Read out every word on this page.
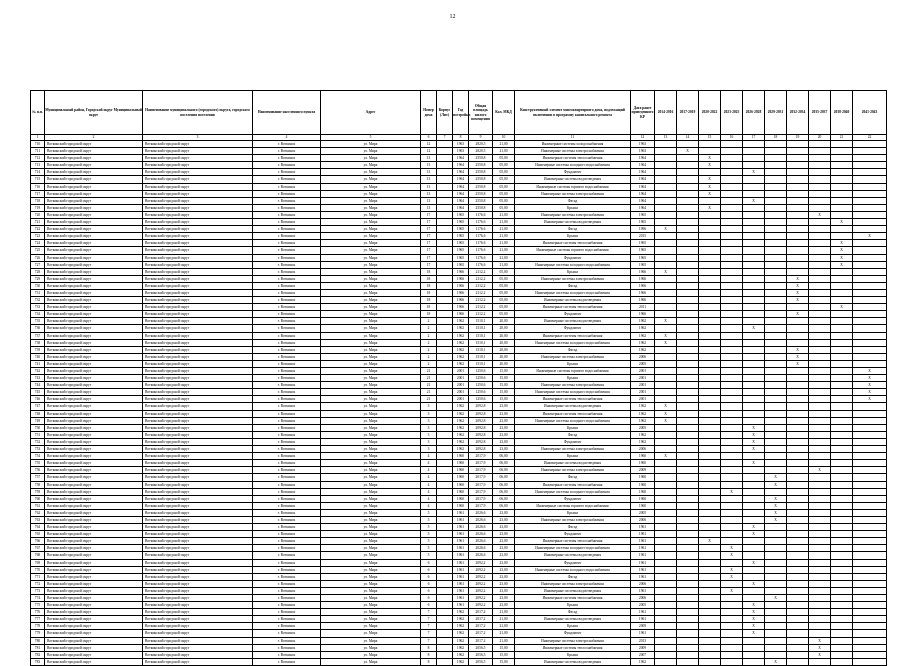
12
№ п.п.	Муниципальный район, Городской округ Муниципальный округ	Наименование муниципального (городского) округа, городского поселения поселения	Наименование населенного пункта	Адрес	Номер дома	Корпус (Лит)	Год постройки	Общая площадь жилого помещения	Кол. МКД	Конструктивный элемент многоквартирного дома, подлежащий включению в программу капитального ремонта	Дата ранее проведенного КР	2014-2016	2017-2019	2020-2022	2023-2025	2026-2028	2029-2031	2032-2034	2035-2037	2038-2040	2041-2043
1	2	3	4	5	6	7	8	9	10	11	12	13	14	15	16	17	18	19	20	21	22
710	Воткинский городской округ	Воткинский городской округ	г. Воткинск	ул. Мира	12		1963	2820,5	21,00	Инженерные системы холодоснабжения	1963										
711	Воткинский городской округ	Воткинский городской округ	г. Воткинск	ул. Мира	12		1963	2820,5	21,00	Инженерные системы электроснабжения	1963		X								
712	Воткинский городской округ	Воткинский городской округ	г. Воткинск	ул. Мира	13		1964	2550,8	05,00	Инженерные системы теплоснабжения	1964			X							
713	Воткинский городской округ	Воткинский городской округ	г. Воткинск	ул. Мира	13		1964	2550,8	05,00	Инженерные системы холодного водоснабжения	1964			X							
714	Воткинский городской округ	Воткинский городской округ	г. Воткинск	ул. Мира	13		1964	2550,8	05,00	Фундамент	1964					X					
715	Воткинский городской округ	Воткинский городской округ	г. Воткинск	ул. Мира	13		1964	2550,8	05,00	Инженерные системы водоотведения	1964			X							
716	Воткинский городской округ	Воткинский городской округ	г. Воткинск	ул. Мира	13		1964	2550,8	05,00	Инженерные системы горячего водоснабжения	1964			X							
717	Воткинский городской округ	Воткинский городской округ	г. Воткинск	ул. Мира	13		1964	2550,8	05,00	Инженерные системы электроснабжения	1964			X							
718	Воткинский городской округ	Воткинский городской округ	г. Воткинск	ул. Мира	13		1964	2550,8	05,00	Фасад	1964					X					
719	Воткинский городской округ	Воткинский городской округ	г. Воткинск	ул. Мира	13		1964	2550,8	05,00	Крыша	1964			X							
720	Воткинский городской округ	Воткинский городской округ	г. Воткинск	ул. Мира	17		1965	1176,6	21,00	Инженерные системы электроснабжения	1965								X		
721	Воткинский городской округ	Воткинский городской округ	г. Воткинск	ул. Мира	17		1965	1176,6	21,00	Инженерные системы водоотведения	1965									X	
722	Воткинский городской округ	Воткинский городской округ	г. Воткинск	ул. Мира	17		1965	1176,6	21,00	Фасад	1996	X									
723	Воткинский городской округ	Воткинский городской округ	г. Воткинск	ул. Мира	17		1965	1176,6	21,00	Крыша	2015										X
724	Воткинский городской округ	Воткинский городской округ	г. Воткинск	ул. Мира	17		1965	1176,6	21,00	Инженерные системы теплоснабжения	1965									X	
725	Воткинский городской округ	Воткинский городской округ	г. Воткинск	ул. Мира	17		1965	1176,6	21,00	Инженерные системы горячего водоснабжения	1965									X	
726	Воткинский городской округ	Воткинский городской округ	г. Воткинск	ул. Мира	17		1965	1176,6	21,00	Фундамент	1965									X	
727	Воткинский городской округ	Воткинский городской округ	г. Воткинск	ул. Мира	17		1965	1176,6	21,00	Инженерные системы холодного водоснабжения	1965									X	
728	Воткинский городской округ	Воткинский городской округ	г. Воткинск	ул. Мира	18		1966	2112,2	05,00	Крыша	1966	X									
729	Воткинский городской округ	Воткинский городской округ	г. Воткинск	ул. Мира	18		1966	2112,2	05,00	Инженерные системы электроснабжения	1966							X			
730	Воткинский городской округ	Воткинский городской округ	г. Воткинск	ул. Мира	18		1966	2112,2	05,00	Фасад	1966							X			
731	Воткинский городской округ	Воткинский городской округ	г. Воткинск	ул. Мира	18		1966	2112,2	05,00	Инженерные системы холодного водоснабжения	1966							X			
732	Воткинский городской округ	Воткинский городской округ	г. Воткинск	ул. Мира	18		1966	2112,2	05,00	Инженерные системы водоотведения	1966							X			
733	Воткинский городской округ	Воткинский городской округ	г. Воткинск	ул. Мира	18		1966	2112,2	05,00	Инженерные системы теплоснабжения	2011									X	
734	Воткинский городской округ	Воткинский городской округ	г. Воткинск	ул. Мира	18		1966	2112,2	05,00	Фундамент	1966							X			
735	Воткинский городской округ	Воткинский городской округ	г. Воткинск	ул. Мира	2		1962	1510,1	20,00	Инженерные системы водоотведения	1962	X									
736	Воткинский городской округ	Воткинский городской округ	г. Воткинск	ул. Мира	2		1962	1510,1	20,00	Фундамент	1962					X					
737	Воткинский городской округ	Воткинский городской округ	г. Воткинск	ул. Мира	2		1962	1510,1	20,00	Инженерные системы теплоснабжения	1962	X									
738	Воткинский городской округ	Воткинский городской округ	г. Воткинск	ул. Мира	2		1962	1510,1	20,00	Инженерные системы холодного водоснабжения	1962	X									
739	Воткинский городской округ	Воткинский городской округ	г. Воткинск	ул. Мира	2		1962	1510,1	20,00	Фасад	1962							X			
740	Воткинский городской округ	Воткинский городской округ	г. Воткинск	ул. Мира	2		1962	1510,1	20,00	Инженерные системы электроснабжения	2006							X			
741	Воткинский городской округ	Воткинский городской округ	г. Воткинск	ул. Мира	2		1962	1510,1	20,00	Крыша	2005							X			
742	Воткинский городской округ	Воткинский городской округ	г. Воткинск	ул. Мира	21		2001	1250,6	15,00	Инженерные системы горячего водоснабжения	2001										X
743	Воткинский городской округ	Воткинский городской округ	г. Воткинск	ул. Мира	21		2001	1250,6	15,00	Крыша	2001										X
744	Воткинский городской округ	Воткинский городской округ	г. Воткинск	ул. Мира	21		2001	1250,6	15,00	Инженерные системы электроснабжения	2001										X
745	Воткинский городской округ	Воткинский городской округ	г. Воткинск	ул. Мира	21		2001	1250,6	15,00	Инженерные системы холодного водоснабжения	2001										X
746	Воткинский городской округ	Воткинский городской округ	г. Воткинск	ул. Мира	21		2001	1250,6	15,00	Инженерные системы теплоснабжения	2001										X
747	Воткинский городской округ	Воткинский городской округ	г. Воткинск	ул. Мира	3		1962	2092,8	23,00	Инженерные системы водоотведения	1962	X									
748	Воткинский городской округ	Воткинский городской округ	г. Воткинск	ул. Мира	3		1962	2092,8	23,00	Инженерные системы теплоснабжения	1962	X									
749	Воткинский городской округ	Воткинский городской округ	г. Воткинск	ул. Мира	3		1962	2092,8	23,00	Инженерные системы холодного водоснабжения	1962	X									
750	Воткинский городской округ	Воткинский городской округ	г. Воткинск	ул. Мира	3		1962	2092,8	23,00	Крыша	2005					X					
751	Воткинский городской округ	Воткинский городской округ	г. Воткинск	ул. Мира	3		1962	2092,8	23,00	Фасад	1962					X					
752	Воткинский городской округ	Воткинский городской округ	г. Воткинск	ул. Мира	3		1962	2092,8	23,00	Фундамент	1962					X					
753	Воткинский городской округ	Воткинский городской округ	г. Воткинск	ул. Мира	3		1962	2092,8	23,00	Инженерные системы электроснабжения	2006					X					
754	Воткинский городской округ	Воткинский городской округ	г. Воткинск	ул. Мира	4		1960	2017,9	06,00	Крыша	1960	X									
755	Воткинский городской округ	Воткинский городской округ	г. Воткинск	ул. Мира	4		1960	2017,9	06,00	Инженерные системы водоотведения	1960					X					
756	Воткинский городской округ	Воткинский городской округ	г. Воткинск	ул. Мира	4		1960	2017,9	06,00	Инженерные системы электроснабжения	2009								X		
757	Воткинский городской округ	Воткинский городской округ	г. Воткинск	ул. Мира	4		1960	2017,9	06,00	Фасад	1960						X				
758	Воткинский городской округ	Воткинский городской округ	г. Воткинск	ул. Мира	4		1960	2017,9	06,00	Инженерные системы теплоснабжения	1960						X				
759	Воткинский городской округ	Воткинский городской округ	г. Воткинск	ул. Мира	4		1960	2017,9	06,00	Инженерные системы холодного водоснабжения	1960				X						
760	Воткинский городской округ	Воткинский городской округ	г. Воткинск	ул. Мира	4		1960	2017,9	06,00	Фундамент	1960						X				
761	Воткинский городской округ	Воткинский городской округ	г. Воткинск	ул. Мира	4		1960	2017,9	06,00	Инженерные системы горячего водоснабжения	1960						X				
762	Воткинский городской округ	Воткинский городской округ	г. Воткинск	ул. Мира	5		1961	2026,6	23,00	Крыша	2005						X				
763	Воткинский городской округ	Воткинский городской округ	г. Воткинск	ул. Мира	5		1961	2026,6	23,00	Инженерные системы электроснабжения	2006						X				
764	Воткинский городской округ	Воткинский городской округ	г. Воткинск	ул. Мира	5		1961	2026,6	23,00	Фасад	1961					X					
765	Воткинский городской округ	Воткинский городской округ	г. Воткинск	ул. Мира	5		1961	2026,6	23,00	Фундамент	1961					X					
766	Воткинский городской округ	Воткинский городской округ	г. Воткинск	ул. Мира	5		1961	2026,6	23,00	Инженерные системы теплоснабжения	1961			X							
767	Воткинский городской округ	Воткинский городской округ	г. Воткинск	ул. Мира	5		1961	2026,6	23,00	Инженерные системы холодного водоснабжения	1961				X						
768	Воткинский городской округ	Воткинский городской округ	г. Воткинск	ул. Мира	5		1961	2026,6	23,00	Инженерные системы водоотведения	1961				X						
769	Воткинский городской округ	Воткинский городской округ	г. Воткинск	ул. Мира	6		1961	2092,2	23,00	Фундамент	1961					X					
770	Воткинский городской округ	Воткинский городской округ	г. Воткинск	ул. Мира	6		1961	2092,2	23,00	Инженерные системы холодного водоснабжения	1961				X						
771	Воткинский городской округ	Воткинский городской округ	г. Воткинск	ул. Мира	6		1961	2092,2	23,00	Фасад	1961				X						
772	Воткинский городской округ	Воткинский городской округ	г. Воткинск	ул. Мира	6		1961	2092,2	23,00	Инженерные системы электроснабжения	2006					X					
773	Воткинский городской округ	Воткинский городской округ	г. Воткинск	ул. Мира	6		1961	2092,2	23,00	Инженерные системы водоотведения	1961				X						
774	Воткинский городской округ	Воткинский городской округ	г. Воткинск	ул. Мира	6		1961	2092,2	23,00	Инженерные системы теплоснабжения	2006						X				
775	Воткинский городской округ	Воткинский городской округ	г. Воткинск	ул. Мира	6		1961	2092,2	23,00	Крыша	2005					X					
776	Воткинский городской округ	Воткинский городской округ	г. Воткинск	ул. Мира	7		1962	2017,2	21,00	Фасад	1961					X					
777	Воткинский городской округ	Воткинский городской округ	г. Воткинск	ул. Мира	7		1962	2017,2	21,00	Инженерные системы водоотведения	1961					X					
778	Воткинский городской округ	Воткинский городской округ	г. Воткинск	ул. Мира	7		1962	2017,2	21,00	Крыша	2009					X					
779	Воткинский городской округ	Воткинский городской округ	г. Воткинск	ул. Мира	7		1962	2017,2	21,00	Фундамент	1961					X					
780	Воткинский городской округ	Воткинский городской округ	г. Воткинск	ул. Мира	7		1962	2017,2	21,00	Инженерные системы электроснабжения	2013								X		
781	Воткинский городской округ	Воткинский городской округ	г. Воткинск	ул. Мира	8		1962	2056,5	15,00	Инженерные системы теплоснабжения	2009								X		
782	Воткинский городской округ	Воткинский городской округ	г. Воткинск	ул. Мира	8		1962	2056,5	15,00	Крыша	2007								X		
783	Воткинский городской округ	Воткинский городской округ	г. Воткинск	ул. Мира	8		1962	2056,5	15,00	Инженерные системы водоотведения	1962						X				
